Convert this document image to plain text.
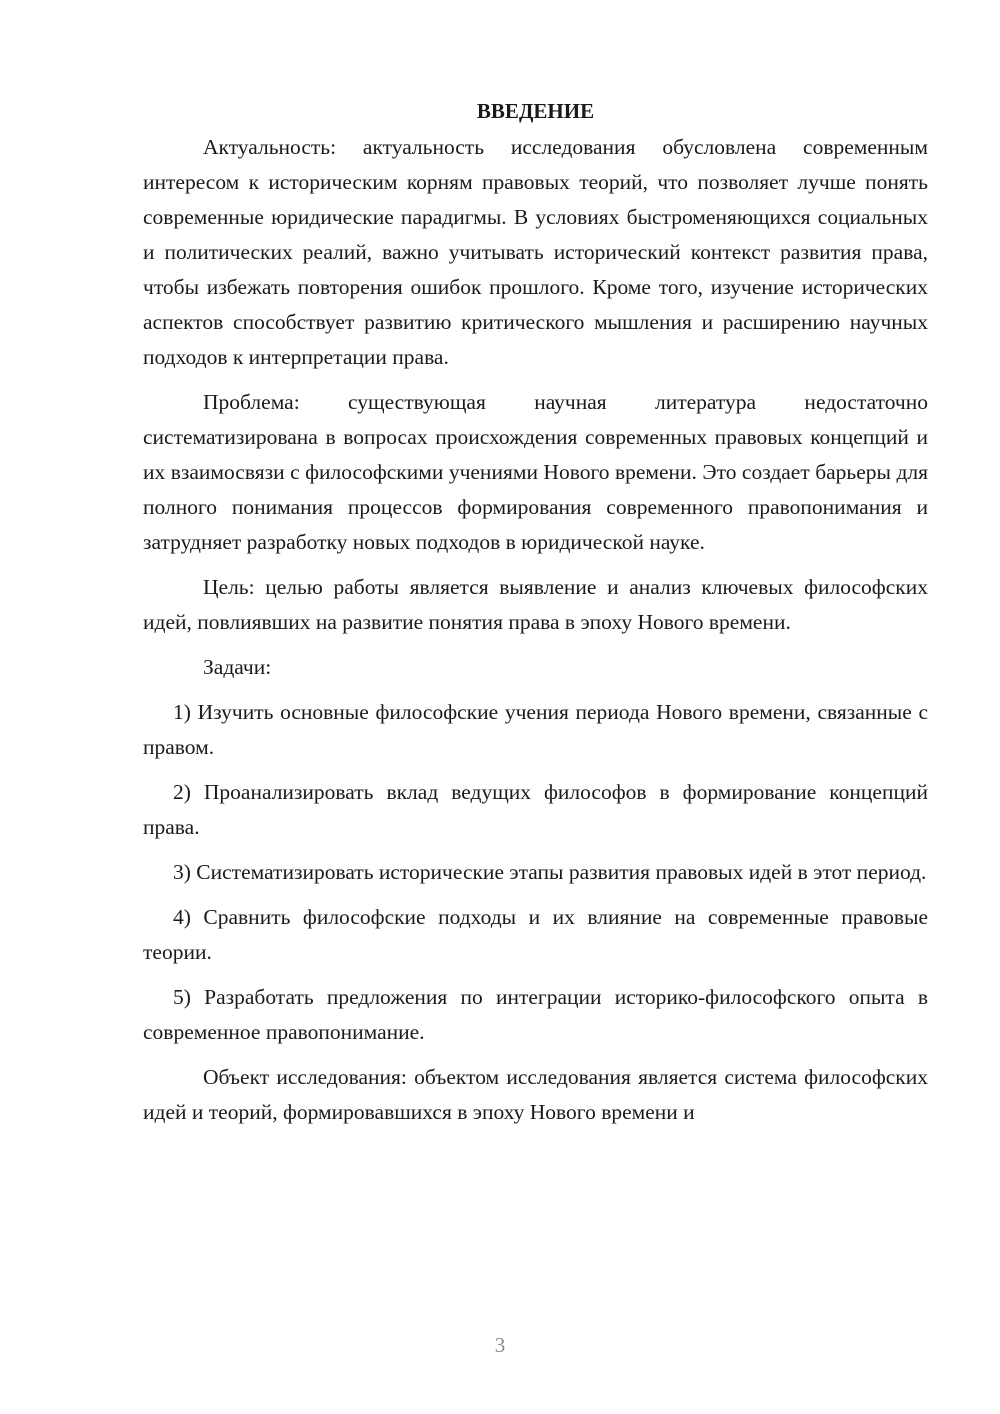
ВВЕДЕНИЕ

Актуальность: актуальность исследования обусловлена современным интересом к историческим корням правовых теорий, что позволяет лучше понять современные юридические парадигмы. В условиях быстроменяющихся социальных и политических реалий, важно учитывать исторический контекст развития права, чтобы избежать повторения ошибок прошлого. Кроме того, изучение исторических аспектов способствует развитию критического мышления и расширению научных подходов к интерпретации права.

Проблема: существующая научная литература недостаточно систематизирована в вопросах происхождения современных правовых концепций и их взаимосвязи с философскими учениями Нового времени. Это создает барьеры для полного понимания процессов формирования современного правопонимания и затрудняет разработку новых подходов в юридической науке.

Цель: целью работы является выявление и анализ ключевых философских идей, повлиявших на развитие понятия права в эпоху Нового времени.

Задачи:

1) Изучить основные философские учения периода Нового времени, связанные с правом.

2) Проанализировать вклад ведущих философов в формирование концепций права.

3) Систематизировать исторические этапы развития правовых идей в этот период.

4) Сравнить философские подходы и их влияние на современные правовые теории.

5) Разработать предложения по интеграции историко-философского опыта в современное правопонимание.

Объект исследования: объектом исследования является система философских идей и теорий, формировавшихся в эпоху Нового времени и

3
